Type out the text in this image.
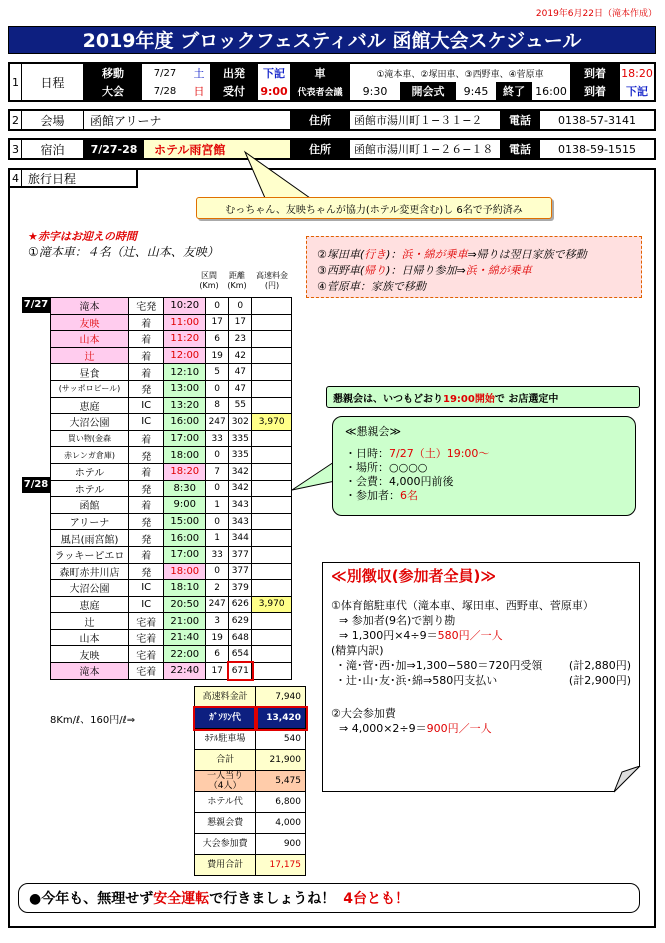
2019年6月22日（滝本作成）
2019年度 ブロックフェスティバル 函館大会スケジュール
1	日程
移動	7/27	土	出発	下記	車	①滝本車、②塚田車、③西野車、④菅原車	到着	18:20
大会	7/28	日	受付	9:00	代表者会議	9:30	開会式	9:45	終了 16:00	到着	下記
2	会場	函館アリーナ	住所	函館市湯川町１−３１−２	電話	0138-57-3141
3	宿泊	7/27-28	ホテル雨宮館	住所	函館市湯川町１−２６−１８	電話	0138-59-1515
4 旅行日程
むっちゃん、友映ちゃんが協力(ホテル変更含む)し 6名で予約済み
★赤字はお迎えの時間
①滝本車：４名（辻、山本、友映）	②塚田車(行き)：浜・綿が乗車⇒帰りは翌日家族で移動
③西野車(帰り)：日帰り参加⇒浜・綿が乗車
④菅原車：家族で移動
区間
(Km)
距離
(Km)
高速料金
(円)
7/27
7/28
滝本	宅発	10:20	0	0	
友映	着	11:00	17	17	
山本	着	11:20	6	23	
辻	着	12:00	19	42	
昼食	着	12:10	5	47	
(サッポロビール)	発	13:00	0	47	
恵庭	IC	13:20	8	55	
大沼公園	IC	16:00	247	302	3,970
買い物(金森	着	17:00	33	335	
赤レンガ倉庫)	発	18:00	0	335	
ホテル	着	18:20	7	342	
ホテル	発	8:30	0	342	
函館	着	9:00	1	343	
アリーナ	発	15:00	0	343	
風呂(雨宮館)	発	16:00	1	344	
ラッキーピエロ	着	17:00	33	377	
森町赤井川店	発	18:00	0	377	
大沼公園	IC	18:10	2	379	
恵庭	IC	20:50	247	626	3,970
辻	宅着	21:00	3	629	
山本	宅着	21:40	19	648	
友映	宅着	22:00	6	654	
滝本	宅着	22:40	17	671	
懇親会は、いつもどおり 19:00開始 で お店選定中
≪懇親会≫
・日時：7/27（土）19:00〜
・場所：○○○○
・会費：4,000円前後
・参加者：6名
≪別徴収(参加者全員)≫
①体育館駐車代（滝本車、塚田車、西野車、菅原車）
⇒ 参加者(9名)で割り勘
⇒ 1,300円×4÷9＝580円／一人
(精算内訳)
・滝･菅･西･加⇒1,300−580＝720円受領 (計2,880円)
・辻･山･友･浜･綿⇒580円支払い	(計2,900円)
②大会参加費
⇒ 4,000×2÷9＝900円／一人
8Km/ℓ、160円/ℓ⇒
高速料金計	7,940
ｶﾞｿﾘﾝ代	13,420
ﾎﾃﾙ駐車場	540
合計	21,900
一人当り
（4人）	5,475
ホテル代	6,800
懇親会費	4,000
大会参加費	900
費用合計	17,175
●今年も、無理せず 安全運転 で行きましょうね！ 4台とも！
